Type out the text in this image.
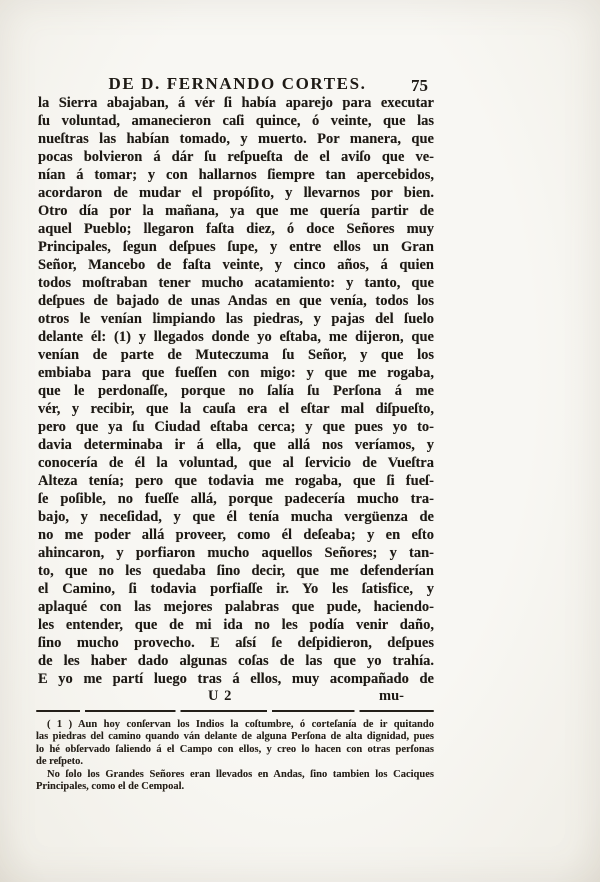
DE D. FERNANDO CORTES.	75
la Sierra abajaban, á vér ſi había aparejo para executar
ſu voluntad, amanecieron caſi quince, ó veinte, que las
nueſtras las habían tomado, y muerto. Por manera, que
pocas bolvieron á dár ſu reſpueſta de el aviſo que ve-
nían á tomar; y con hallarnos ſiempre tan apercebidos,
acordaron de mudar el propóſito, y llevarnos por bien.
Otro día por la mañana, ya que me quería partir de
aquel Pueblo; llegaron faſta diez, ó doce Señores muy
Principales, ſegun deſpues ſupe, y entre ellos un Gran
Señor, Mancebo de faſta veinte, y cinco años, á quien
todos moſtraban tener mucho acatamiento: y tanto, que
deſpues de bajado de unas Andas en que venía, todos los
otros le venían limpiando las piedras, y pajas del ſuelo
delante él: (1) y llegados donde yo eſtaba, me dijeron, que
venían de parte de Muteczuma ſu Señor, y que los
embiaba para que fueſſen con migo: y que me rogaba,
que le perdonaſſe, porque no ſalía ſu Perſona á me
vér, y recibir, que la cauſa era el eſtar mal diſpueſto,
pero que ya ſu Ciudad eſtaba cerca; y que pues yo to-
davia determinaba ir á ella, que allá nos veríamos, y
conocería de él la voluntad, que al ſervicio de Vueſtra
Alteza tenía; pero que todavia me rogaba, que ſi fueſ-
ſe poſible, no fueſſe allá, porque padecería mucho tra-
bajo, y neceſidad, y que él tenía mucha vergüenza de
no me poder allá proveer, como él deſeaba; y en eſto
ahincaron, y porfiaron mucho aquellos Señores; y tan-
to, que no les quedaba ſino decir, que me defenderían
el Camino, ſi todavia porfiaſſe ir. Yo les ſatisfice, y
aplaqué con las mejores palabras que pude, haciendo-
les entender, que de mi ida no les podía venir daño,
ſino mucho provecho. E aſsí ſe deſpidieron, deſpues
de les haber dado algunas coſas de las que yo trahía.
E yo me partí luego tras á ellos, muy acompañado de
U 2	mu-
( 1 ) Aun hoy conſervan los Indios la coſtumbre, ó corteſanía de ir quitando
las piedras del camino quando ván delante de alguna Perſona de alta dignidad, pues
lo hé obſervado ſaliendo á el Campo con ellos, y creo lo hacen con otras perſonas
de reſpeto.
No ſolo los Grandes Señores eran llevados en Andas, ſino tambien los Caciques
Principales, como el de Cempoal.
